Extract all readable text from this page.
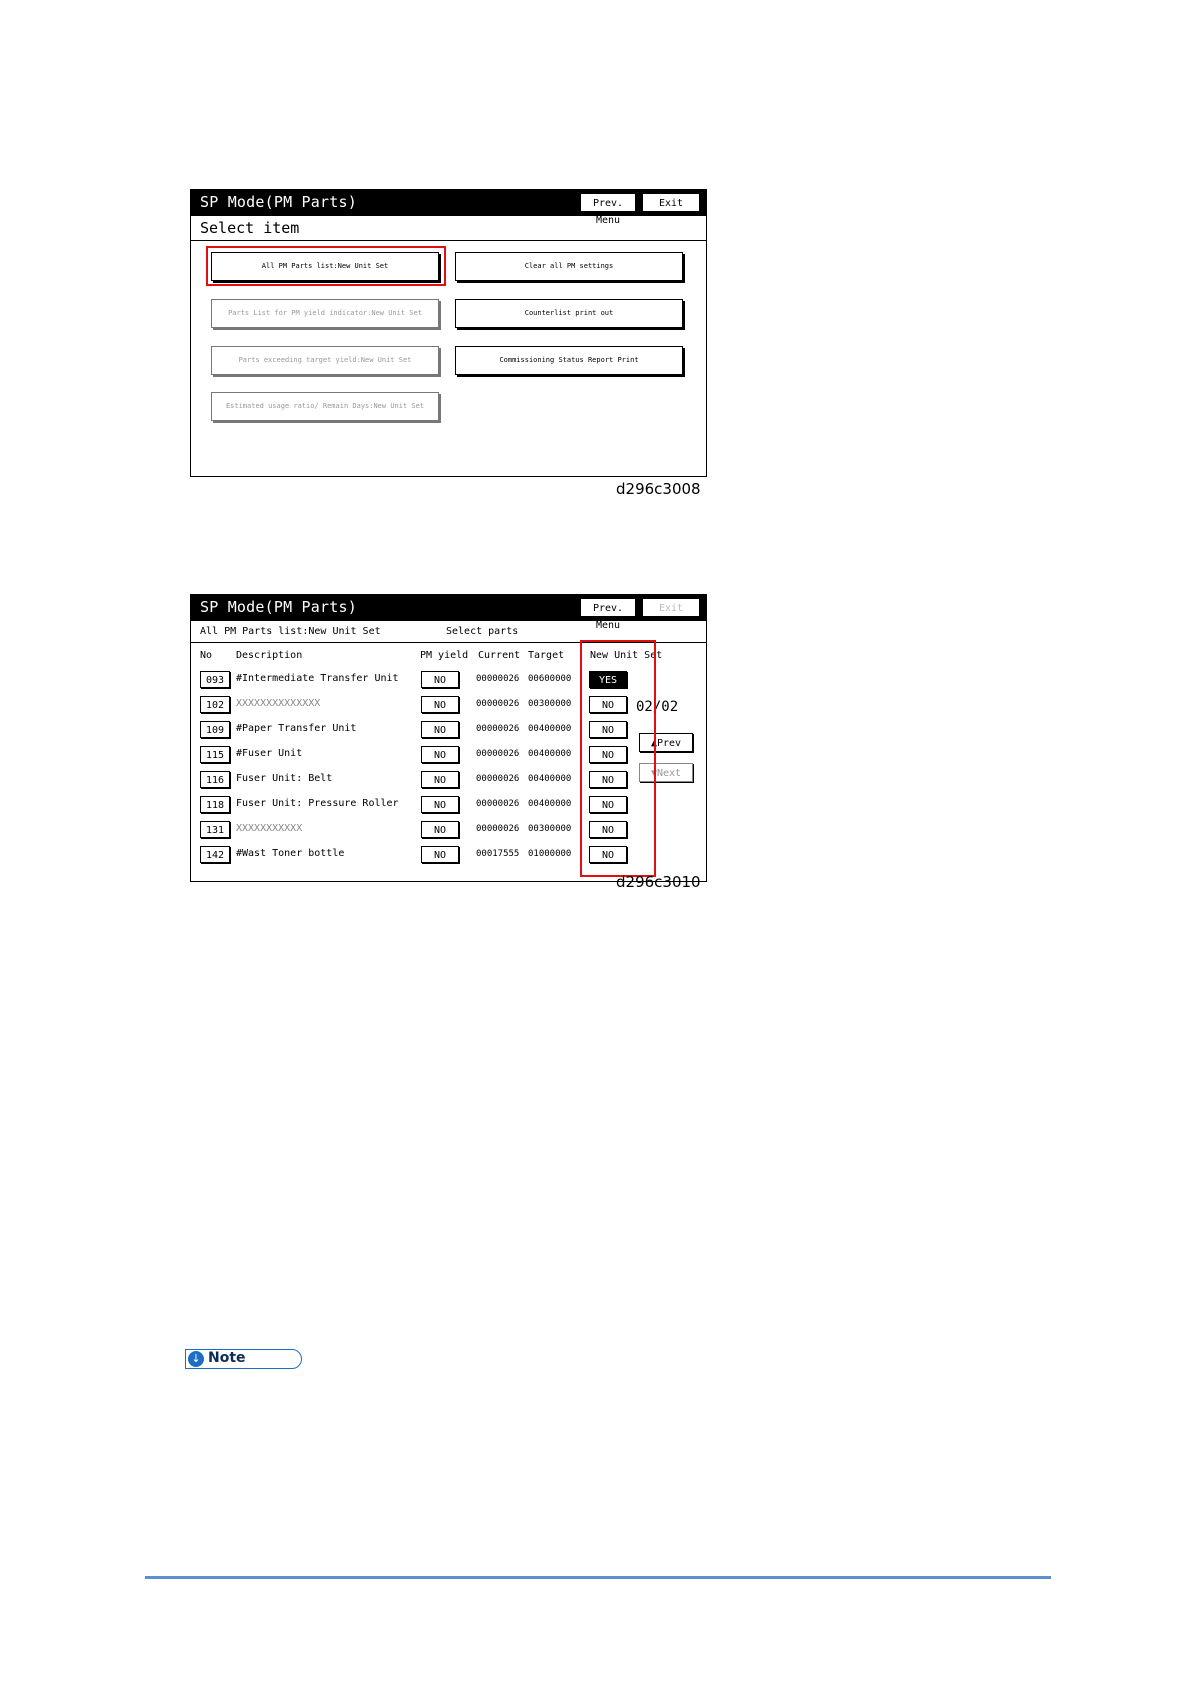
SP Mode(PM Parts)	Prev. Menu
Exit
Select item
All PM Parts list:New Unit Set	Clear all PM settings
Parts List for PM yield indicator:New Unit Set	Counterlist print out
Parts exceeding target yield:New Unit Set	Commissioning Status Report Print
Estimated usage ratio/ Remain Days:New Unit Set
d296c3008
SP Mode(PM Parts)	Prev. Menu
Exit
All PM Parts list:New Unit Set	Select parts
No Description	PM yield Current Target	New Unit Set
093	#Intermediate Transfer Unit	NO	00000026 00600000	YES
102	XXXXXXXXXXXXXX	NO	00000026 00300000	NO
109	#Paper Transfer Unit	NO	00000026 00400000	NO
115	#Fuser Unit	NO	00000026 00400000	NO
116	Fuser Unit: Belt	NO	00000026 00400000	NO
118	Fuser Unit: Pressure Roller	NO	00000026 00400000	NO
131	XXXXXXXXXXX	NO	00000026 00300000	NO
142	#Wast Toner bottle	NO	00017555 01000000	NO
02/02
▲Prev
▼Next
d296c3010
↓ Note
